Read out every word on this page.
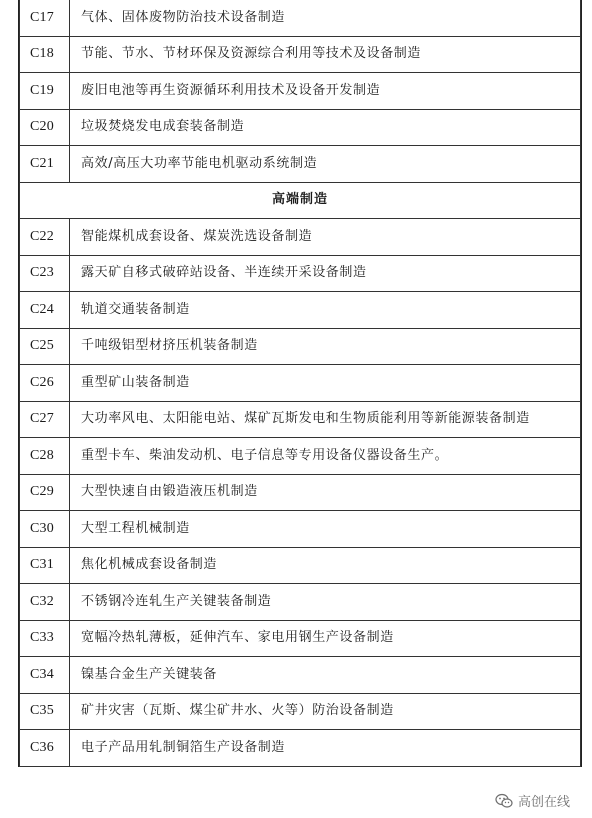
C17	气体、固体废物防治技术设备制造
C18	节能、节水、节材环保及资源综合利用等技术及设备制造
C19	废旧电池等再生资源循环利用技术及设备开发制造
C20	垃圾焚烧发电成套装备制造
C21	高效/高压大功率节能电机驱动系统制造
高端制造	
C22	智能煤机成套设备、煤炭洗选设备制造
C23	露天矿自移式破碎站设备、半连续开采设备制造
C24	轨道交通装备制造
C25	千吨级铝型材挤压机装备制造
C26	重型矿山装备制造
C27	大功率风电、太阳能电站、煤矿瓦斯发电和生物质能利用等新能源装备制造
C28	重型卡车、柴油发动机、电子信息等专用设备仪器设备生产。
C29	大型快速自由锻造液压机制造
C30	大型工程机械制造
C31	焦化机械成套设备制造
C32	不锈钢冷连轧生产关键装备制造
C33	宽幅冷热轧薄板，延伸汽车、家电用钢生产设备制造
C34	镍基合金生产关键装备
C35	矿井灾害（瓦斯、煤尘矿井水、火等）防治设备制造
C36	电子产品用轧制铜箔生产设备制造
高创在线
